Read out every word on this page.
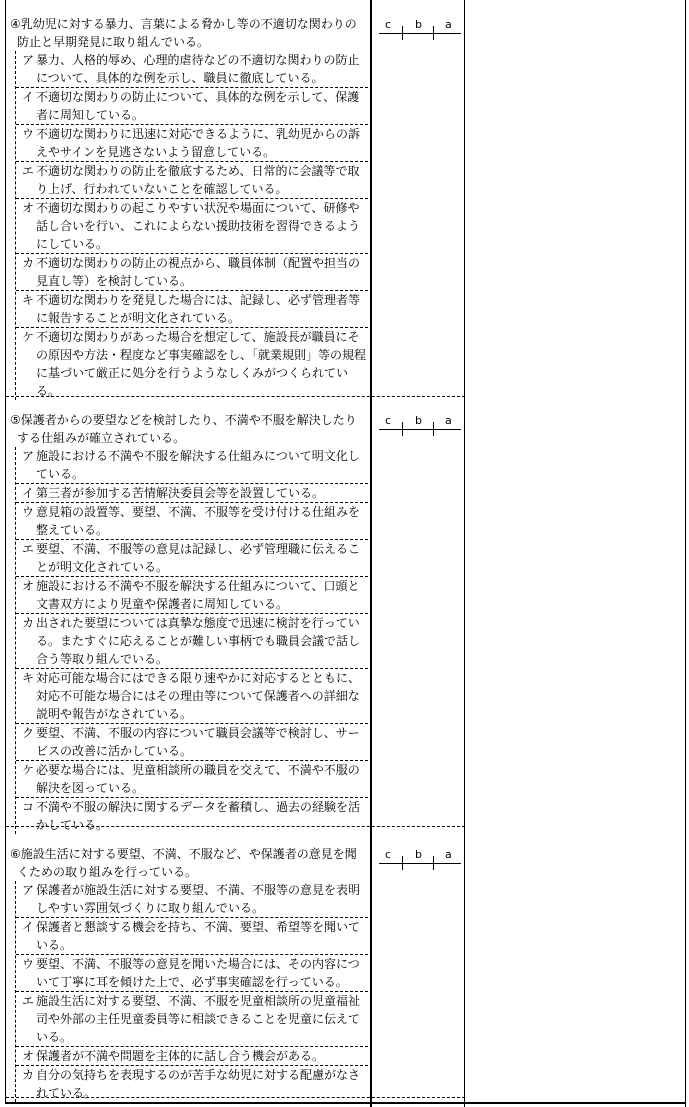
④乳幼児に対する暴力、言葉による脅かし等の不適切な関わりの
防止と早期発見に取り組んでいる。

ア 暴力、人格的辱め、心理的虐待などの不適切な関わりの防止について、具体的な例を示し、職員に徹底している。
イ 不適切な関わりの防止について、具体的な例を示して、保護者に周知している。
ウ 不適切な関わりに迅速に対応できるように、乳幼児からの訴えやサインを見逃さないよう留意している。
エ 不適切な関わりの防止を徹底するため、日常的に会議等で取り上げ、行われていないことを確認している。
オ 不適切な関わりの起こりやすい状況や場面について、研修や話し合いを行い、これによらない援助技術を習得できるようにしている。
カ 不適切な関わりの防止の視点から、職員体制（配置や担当の見直し等）を検討している。
キ 不適切な関わりを発見した場合には、記録し、必ず管理者等に報告することが明文化されている。
ケ 不適切な関わりがあった場合を想定して、施設長が職員にその原因や方法・程度など事実確認をし、「就業規則」等の規程に基づいて厳正に処分を行うようなしくみがつくられている。
c b a

⑤保護者からの要望などを検討したり、不満や不服を解決したり
する仕組みが確立されている。

ア 施設における不満や不服を解決する仕組みについて明文化している。
イ 第三者が参加する苦情解決委員会等を設置している。
ウ 意見箱の設置等、要望、不満、不服等を受け付ける仕組みを整えている。
エ 要望、不満、不服等の意見は記録し、必ず管理職に伝えることが明文化されている。
オ 施設における不満や不服を解決する仕組みについて、口頭と文書双方により児童や保護者に周知している。
カ 出された要望については真摯な態度で迅速に検討を行っている。またすぐに応えることが難しい事柄でも職員会議で話し合う等取り組んでいる。
キ 対応可能な場合にはできる限り速やかに対応するとともに、対応不可能な場合にはその理由等について保護者への詳細な説明や報告がなされている。
ク 要望、不満、不服の内容について職員会議等で検討し、サービスの改善に活かしている。
ケ 必要な場合には、児童相談所の職員を交えて、不満や不服の解決を図っている。
コ 不満や不服の解決に関するデータを蓄積し、過去の経験を活かしている。
c b a

⑥施設生活に対する要望、不満、不服など、や保護者の意見を聞
くための取り組みを行っている。

ア 保護者が施設生活に対する要望、不満、不服等の意見を表明しやすい雰囲気づくりに取り組んでいる。
イ 保護者と懇談する機会を持ち、不満、要望、希望等を聞いている。
ウ 要望、不満、不服等の意見を聞いた場合には、その内容について丁寧に耳を傾けた上で、必ず事実確認を行っている。
エ 施設生活に対する要望、不満、不服を児童相談所の児童福祉司や外部の主任児童委員等に相談できることを児童に伝えている。
オ 保護者が不満や問題を主体的に話し合う機会がある。
カ 自分の気持ちを表現するのが苦手な幼児に対する配慮がなされている。
c b a
